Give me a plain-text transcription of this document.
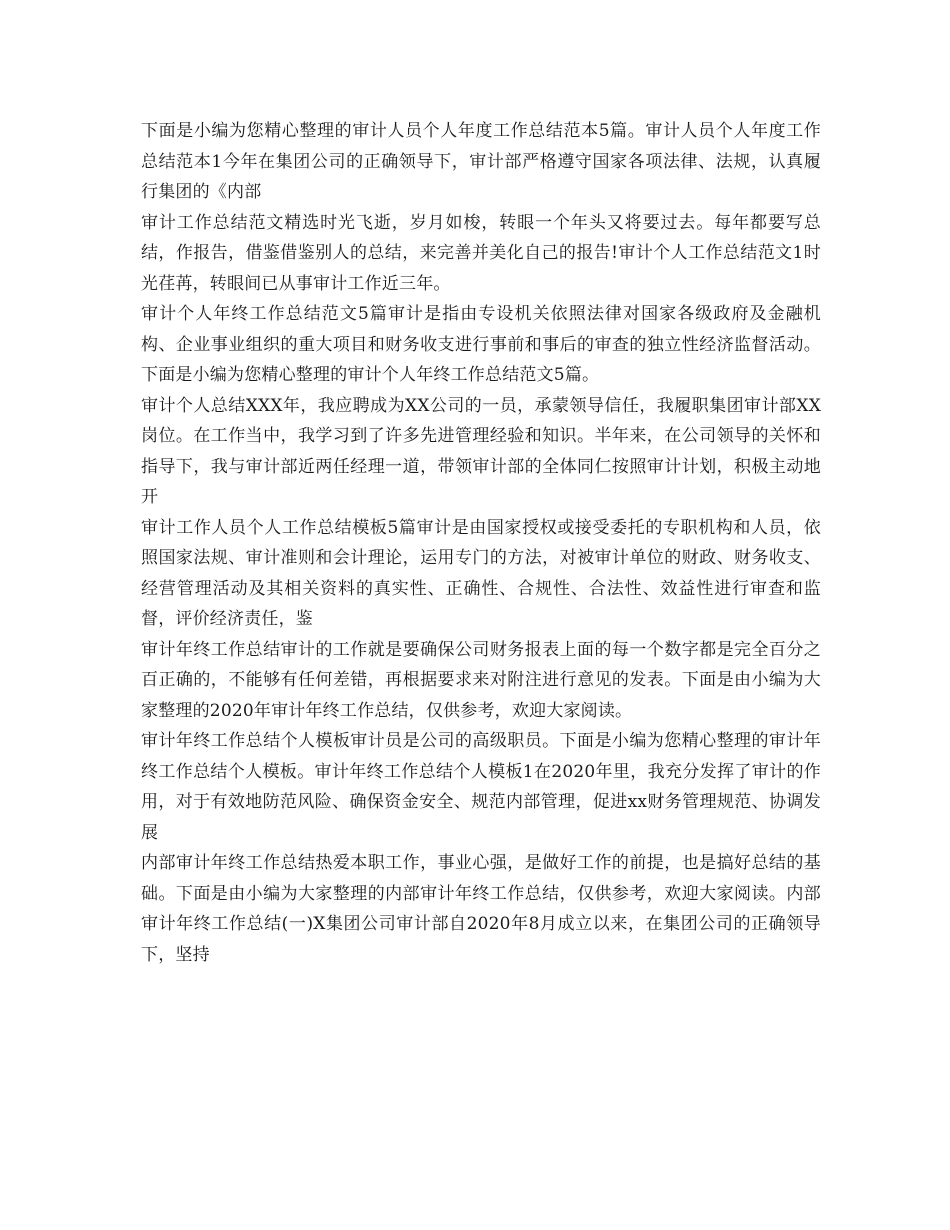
下面是小编为您精心整理的审计人员个人年度工作总结范本5篇。审计人员个人年度工作总结范本1今年在集团公司的正确领导下，审计部严格遵守国家各项法律、法规，认真履行集团的《内部

审计工作总结范文精选时光飞逝，岁月如梭，转眼一个年头又将要过去。每年都要写总结，作报告，借鉴借鉴别人的总结，来完善并美化自己的报告!审计个人工作总结范文1时光荏苒，转眼间已从事审计工作近三年。

审计个人年终工作总结范文5篇审计是指由专设机关依照法律对国家各级政府及金融机构、企业事业组织的重大项目和财务收支进行事前和事后的审查的独立性经济监督活动。下面是小编为您精心整理的审计个人年终工作总结范文5篇。

审计个人总结XXX年，我应聘成为XX公司的一员，承蒙领导信任，我履职集团审计部XX岗位。在工作当中，我学习到了许多先进管理经验和知识。半年来，在公司领导的关怀和指导下，我与审计部近两任经理一道，带领审计部的全体同仁按照审计计划，积极主动地开

审计工作人员个人工作总结模板5篇审计是由国家授权或接受委托的专职机构和人员，依照国家法规、审计准则和会计理论，运用专门的方法，对被审计单位的财政、财务收支、经营管理活动及其相关资料的真实性、正确性、合规性、合法性、效益性进行审查和监督，评价经济责任，鉴

审计年终工作总结审计的工作就是要确保公司财务报表上面的每一个数字都是完全百分之百正确的，不能够有任何差错，再根据要求来对附注进行意见的发表。下面是由小编为大家整理的2020年审计年终工作总结，仅供参考，欢迎大家阅读。

审计年终工作总结个人模板审计员是公司的高级职员。下面是小编为您精心整理的审计年终工作总结个人模板。审计年终工作总结个人模板1在2020年里，我充分发挥了审计的作用，对于有效地防范风险、确保资金安全、规范内部管理，促进xx财务管理规范、协调发展

内部审计年终工作总结热爱本职工作，事业心强，是做好工作的前提，也是搞好总结的基础。下面是由小编为大家整理的内部审计年终工作总结，仅供参考，欢迎大家阅读。内部审计年终工作总结(一)X集团公司审计部自2020年8月成立以来，在集团公司的正确领导下，坚持
